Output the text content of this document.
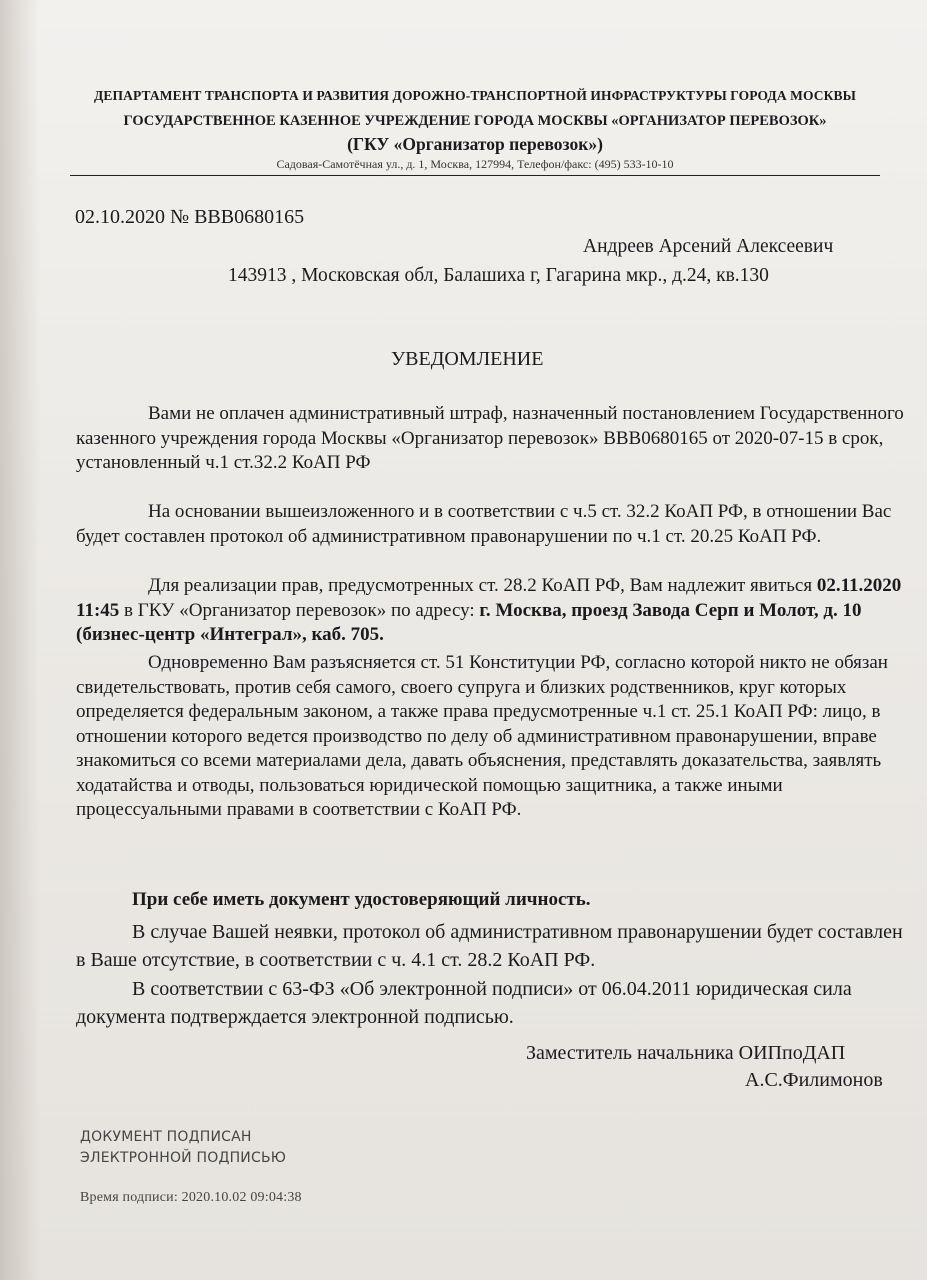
ДЕПАРТАМЕНТ ТРАНСПОРТА И РАЗВИТИЯ ДОРОЖНО-ТРАНСПОРТНОЙ ИНФРАСТРУКТУРЫ ГОРОДА МОСКВЫ
ГОСУДАРСТВЕННОЕ КАЗЕННОЕ УЧРЕЖДЕНИЕ ГОРОДА МОСКВЫ «ОРГАНИЗАТОР ПЕРЕВОЗОК»
(ГКУ «Организатор перевозок»)
Садовая-Самотёчная ул., д. 1, Москва, 127994, Телефон/факс: (495) 533-10-10
02.10.2020 № ВВВ0680165
Андреев Арсений Алексеевич
143913 , Московская обл, Балашиха г, Гагарина мкр., д.24, кв.130
УВЕДОМЛЕНИЕ
Вами не оплачен административный штраф, назначенный постановлением Государственного казенного учреждения города Москвы «Организатор перевозок» ВВВ0680165 от 2020-07-15 в срок, установленный ч.1 ст.32.2 КоАП РФ
На основании вышеизложенного и в соответствии с ч.5 ст. 32.2 КоАП РФ, в отношении Вас будет составлен протокол об административном правонарушении по ч.1 ст. 20.25 КоАП РФ.
Для реализации прав, предусмотренных ст. 28.2 КоАП РФ, Вам надлежит явиться 02.11.2020 11:45 в ГКУ «Организатор перевозок» по адресу: г. Москва, проезд Завода Серп и Молот, д. 10 (бизнес-центр «Интеграл», каб. 705.
Одновременно Вам разъясняется ст. 51 Конституции РФ, согласно которой никто не обязан свидетельствовать, против себя самого, своего супруга и близких родственников, круг которых определяется федеральным законом, а также права предусмотренные ч.1 ст. 25.1 КоАП РФ: лицо, в отношении которого ведется производство по делу об административном правонарушении, вправе знакомиться со всеми материалами дела, давать объяснения, представлять доказательства, заявлять ходатайства и отводы, пользоваться юридической помощью защитника, а также иными процессуальными правами в соответствии с КоАП РФ.
При себе иметь документ удостоверяющий личность.
В случае Вашей неявки, протокол об административном правонарушении будет составлен в Ваше отсутствие, в соответствии с ч. 4.1 ст. 28.2 КоАП РФ.
В соответствии с 63-ФЗ «Об электронной подписи» от 06.04.2011 юридическая сила документа подтверждается электронной подписью.
Заместитель начальника ОИПпоДАП
А.С.Филимонов
ДОКУМЕНТ ПОДПИСАН
ЭЛЕКТРОННОЙ ПОДПИСЬЮ
Время подписи: 2020.10.02 09:04:38
